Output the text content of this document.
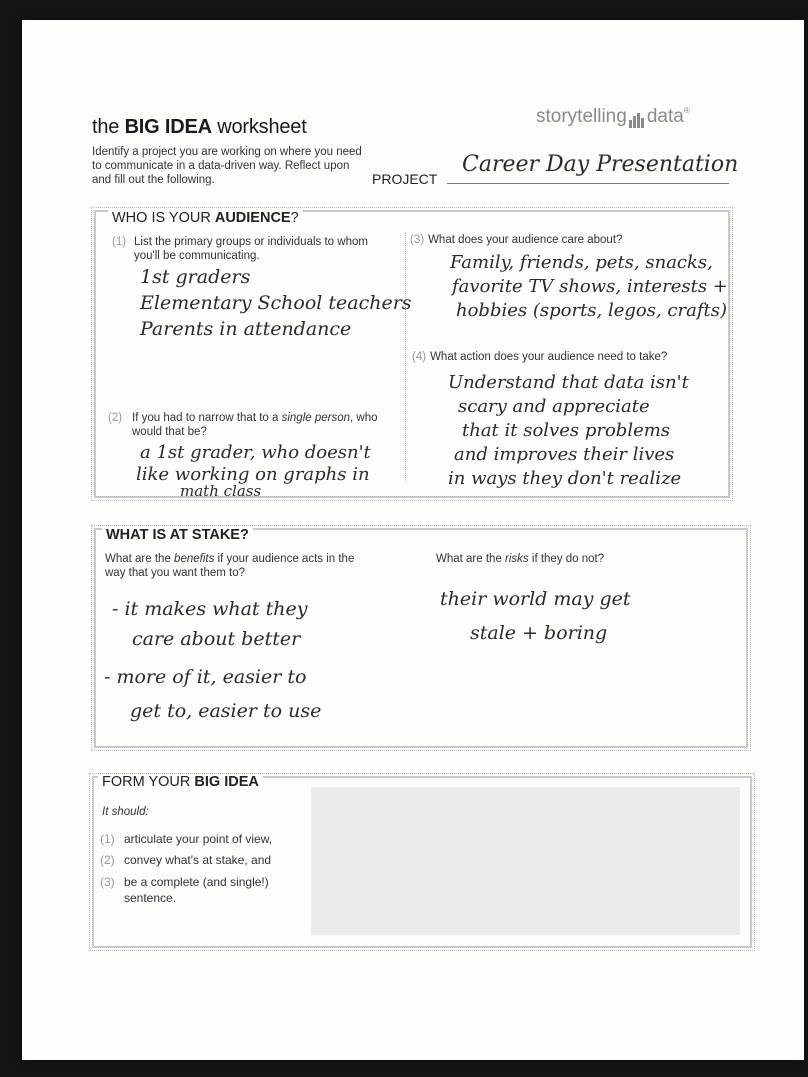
the BIG IDEA worksheet
Identify a project you are working on where you need to communicate in a data-driven way. Reflect upon and fill out the following.
storytelling data®
PROJECT
Career Day Presentation
WHO IS YOUR AUDIENCE?
(1) List the primary groups or individuals to whom you'll be communicating.
1st graders
Elementary School teachers
Parents in attendance
(2) If you had to narrow that to a single person, who would that be?
a 1st grader, who doesn't
like working on graphs in
math class
(3) What does your audience care about?
Family, friends, pets, snacks,
favorite TV shows, interests +
hobbies (sports, legos, crafts)
(4) What action does your audience need to take?
Understand that data isn't
scary and appreciate
that it solves problems
and improves their lives
in ways they don't realize
WHAT IS AT STAKE?
What are the benefits if your audience acts in the way that you want them to?
- it makes what they
care about better
- more of it, easier to
get to, easier to use
What are the risks if they do not?
their world may get
stale + boring
FORM YOUR BIG IDEA
It should:
(1) articulate your point of view,
(2) convey what's at stake, and
(3) be a complete (and single!) sentence.
